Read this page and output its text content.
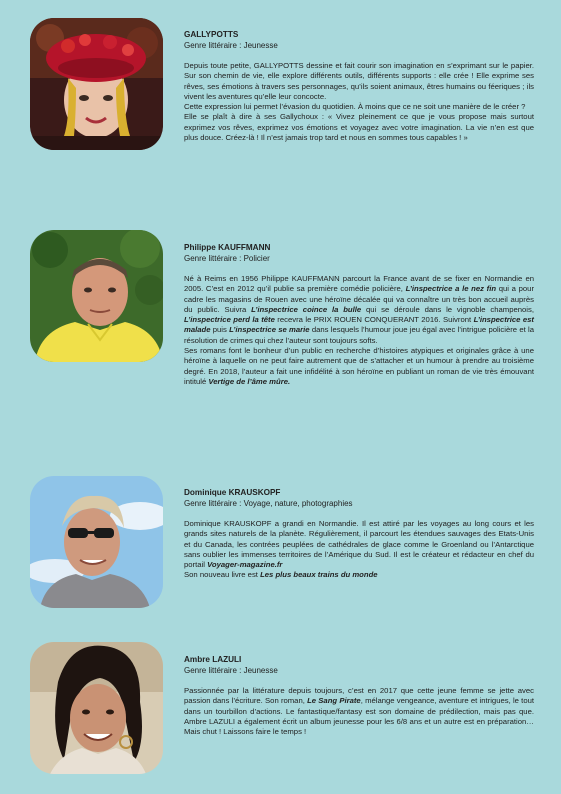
GALLYPOTTS
Genre littéraire : Jeunesse

Depuis toute petite, GALLYPOTTS dessine et fait courir son imagination en s’exprimant sur le papier. Sur son chemin de vie, elle explore différents outils, différents supports : elle crée ! Elle exprime ses rêves, ses émotions à travers ses personnages, qu’ils soient animaux, êtres humains ou féeriques ; ils vivent les aventures qu’elle leur concocte.

Cette expression lui permet l’évasion du quotidien. À moins que ce ne soit une manière de le créer ?

Elle se plaît à dire à ses Gallychoux : « Vivez pleinement ce que je vous propose mais surtout exprimez vos rêves, exprimez vos émotions et voyagez avec votre imagination. La vie n’en est que plus douce. Créez-là ! Il n’est jamais trop tard et nous en sommes tous capables ! »

Philippe KAUFFMANN
Genre littéraire : Policier

Né à Reims en 1956 Philippe KAUFFMANN parcourt la France avant de se fixer en Normandie en 2005. C’est en 2012 qu’il publie sa première comédie policière, L’inspectrice a le nez fin qui a pour cadre les magasins de Rouen avec une héroïne décalée qui va connaître un très bon accueil auprès du public. Suivra L’inspectrice coince la bulle qui se déroule dans le vignoble champenois, L’inspectrice perd la tête recevra le PRIX ROUEN CONQUERANT 2016. Suivront L’inspectrice est malade puis L’inspectrice se marie dans lesquels l’humour joue jeu égal avec l’intrigue policière et la résolution de crimes qui chez l’auteur sont toujours softs.

Ses romans font le bonheur d’un public en recherche d’histoires atypiques et originales grâce à une héroïne à laquelle on ne peut faire autrement que de s’attacher et un humour à prendre au troisième degré. En 2018, l’auteur a fait une infidélité à son héroïne en publiant un roman de vie très émouvant intitulé Vertige de l’âme mûre.

Dominique KRAUSKOPF
Genre littéraire : Voyage, nature, photographies

Dominique KRAUSKOPF a grandi en Normandie. Il est attiré par les voyages au long cours et les grands sites naturels de la planète. Régulièrement, il parcourt les étendues sauvages des Etats-Unis et du Canada, les contrées peuplées de cathédrales de glace comme le Groenland ou l’Antarctique sans oublier les immenses territoires de l’Amérique du Sud. Il est le créateur et rédacteur en chef du portail Voyager-magazine.fr

Son nouveau livre est Les plus beaux trains du monde

Ambre LAZULI
Genre littéraire : Jeunesse

Passionnée par la littérature depuis toujours, c’est en 2017 que cette jeune femme se jette avec passion dans l’écriture. Son roman, Le Sang Pirate, mélange vengeance, aventure et intrigues, le tout dans un tourbillon d’actions. Le fantastique/fantasy est son domaine de prédilection, mais pas que. Ambre LAZULI a également écrit un album jeunesse pour les 6/8 ans et un autre est en préparation… Mais chut ! Laissons faire le temps !
